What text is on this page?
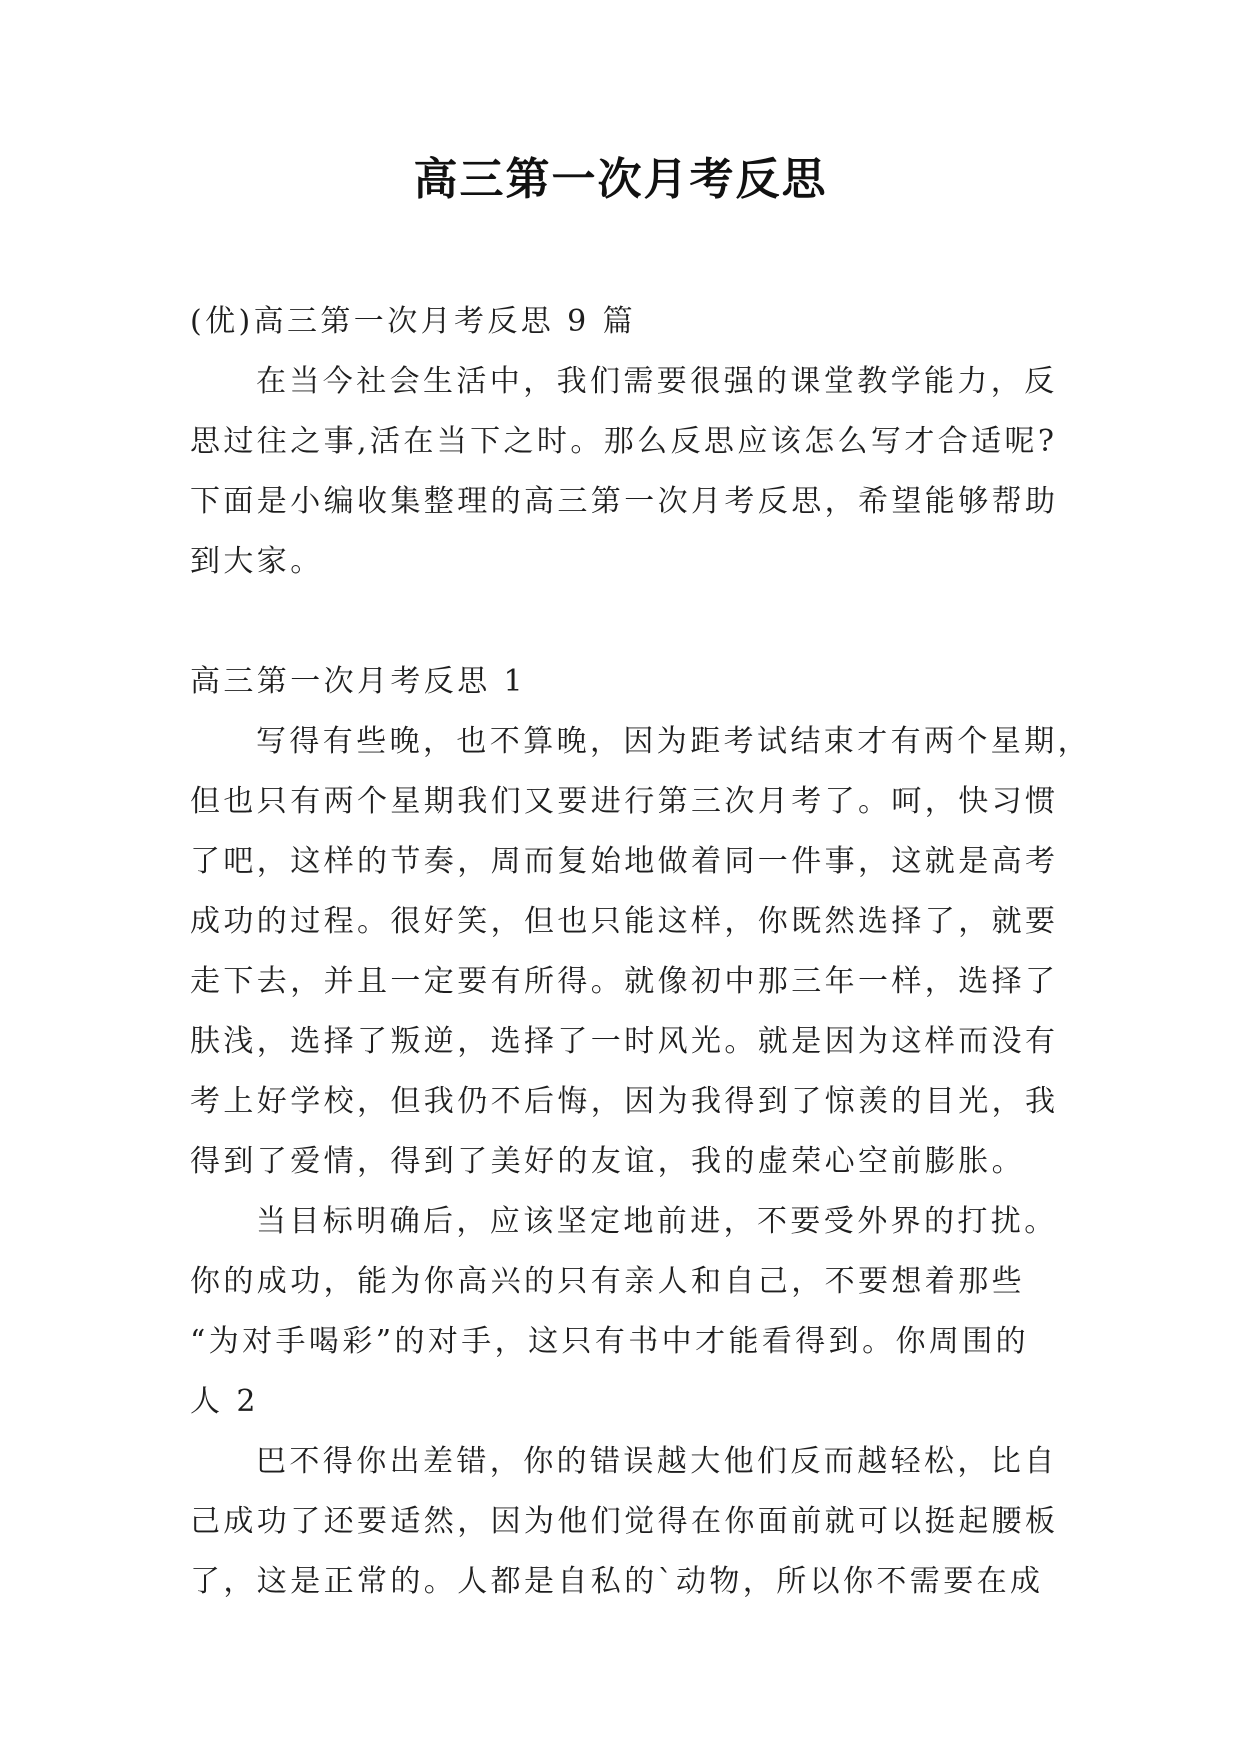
高三第一次月考反思
(优)高三第一次月考反思 9 篇
在当今社会生活中，我们需要很强的课堂教学能力，反
思过往之事,活在当下之时。那么反思应该怎么写才合适呢?
下面是小编收集整理的高三第一次月考反思，希望能够帮助
到大家。
高三第一次月考反思 1
写得有些晚，也不算晚，因为距考试结束才有两个星期，
但也只有两个星期我们又要进行第三次月考了。呵，快习惯
了吧，这样的节奏，周而复始地做着同一件事，这就是高考
成功的过程。很好笑，但也只能这样，你既然选择了，就要
走下去，并且一定要有所得。就像初中那三年一样，选择了
肤浅，选择了叛逆，选择了一时风光。就是因为这样而没有
考上好学校，但我仍不后悔，因为我得到了惊羡的目光，我
得到了爱情，得到了美好的友谊，我的虚荣心空前膨胀。
当目标明确后，应该坚定地前进，不要受外界的打扰。
你的成功，能为你高兴的只有亲人和自己，不要想着那些
“为对手喝彩”的对手，这只有书中才能看得到。你周围的
人 2
巴不得你出差错，你的错误越大他们反而越轻松，比自
己成功了还要适然，因为他们觉得在你面前就可以挺起腰板
了，这是正常的。人都是自私的`动物，所以你不需要在成
